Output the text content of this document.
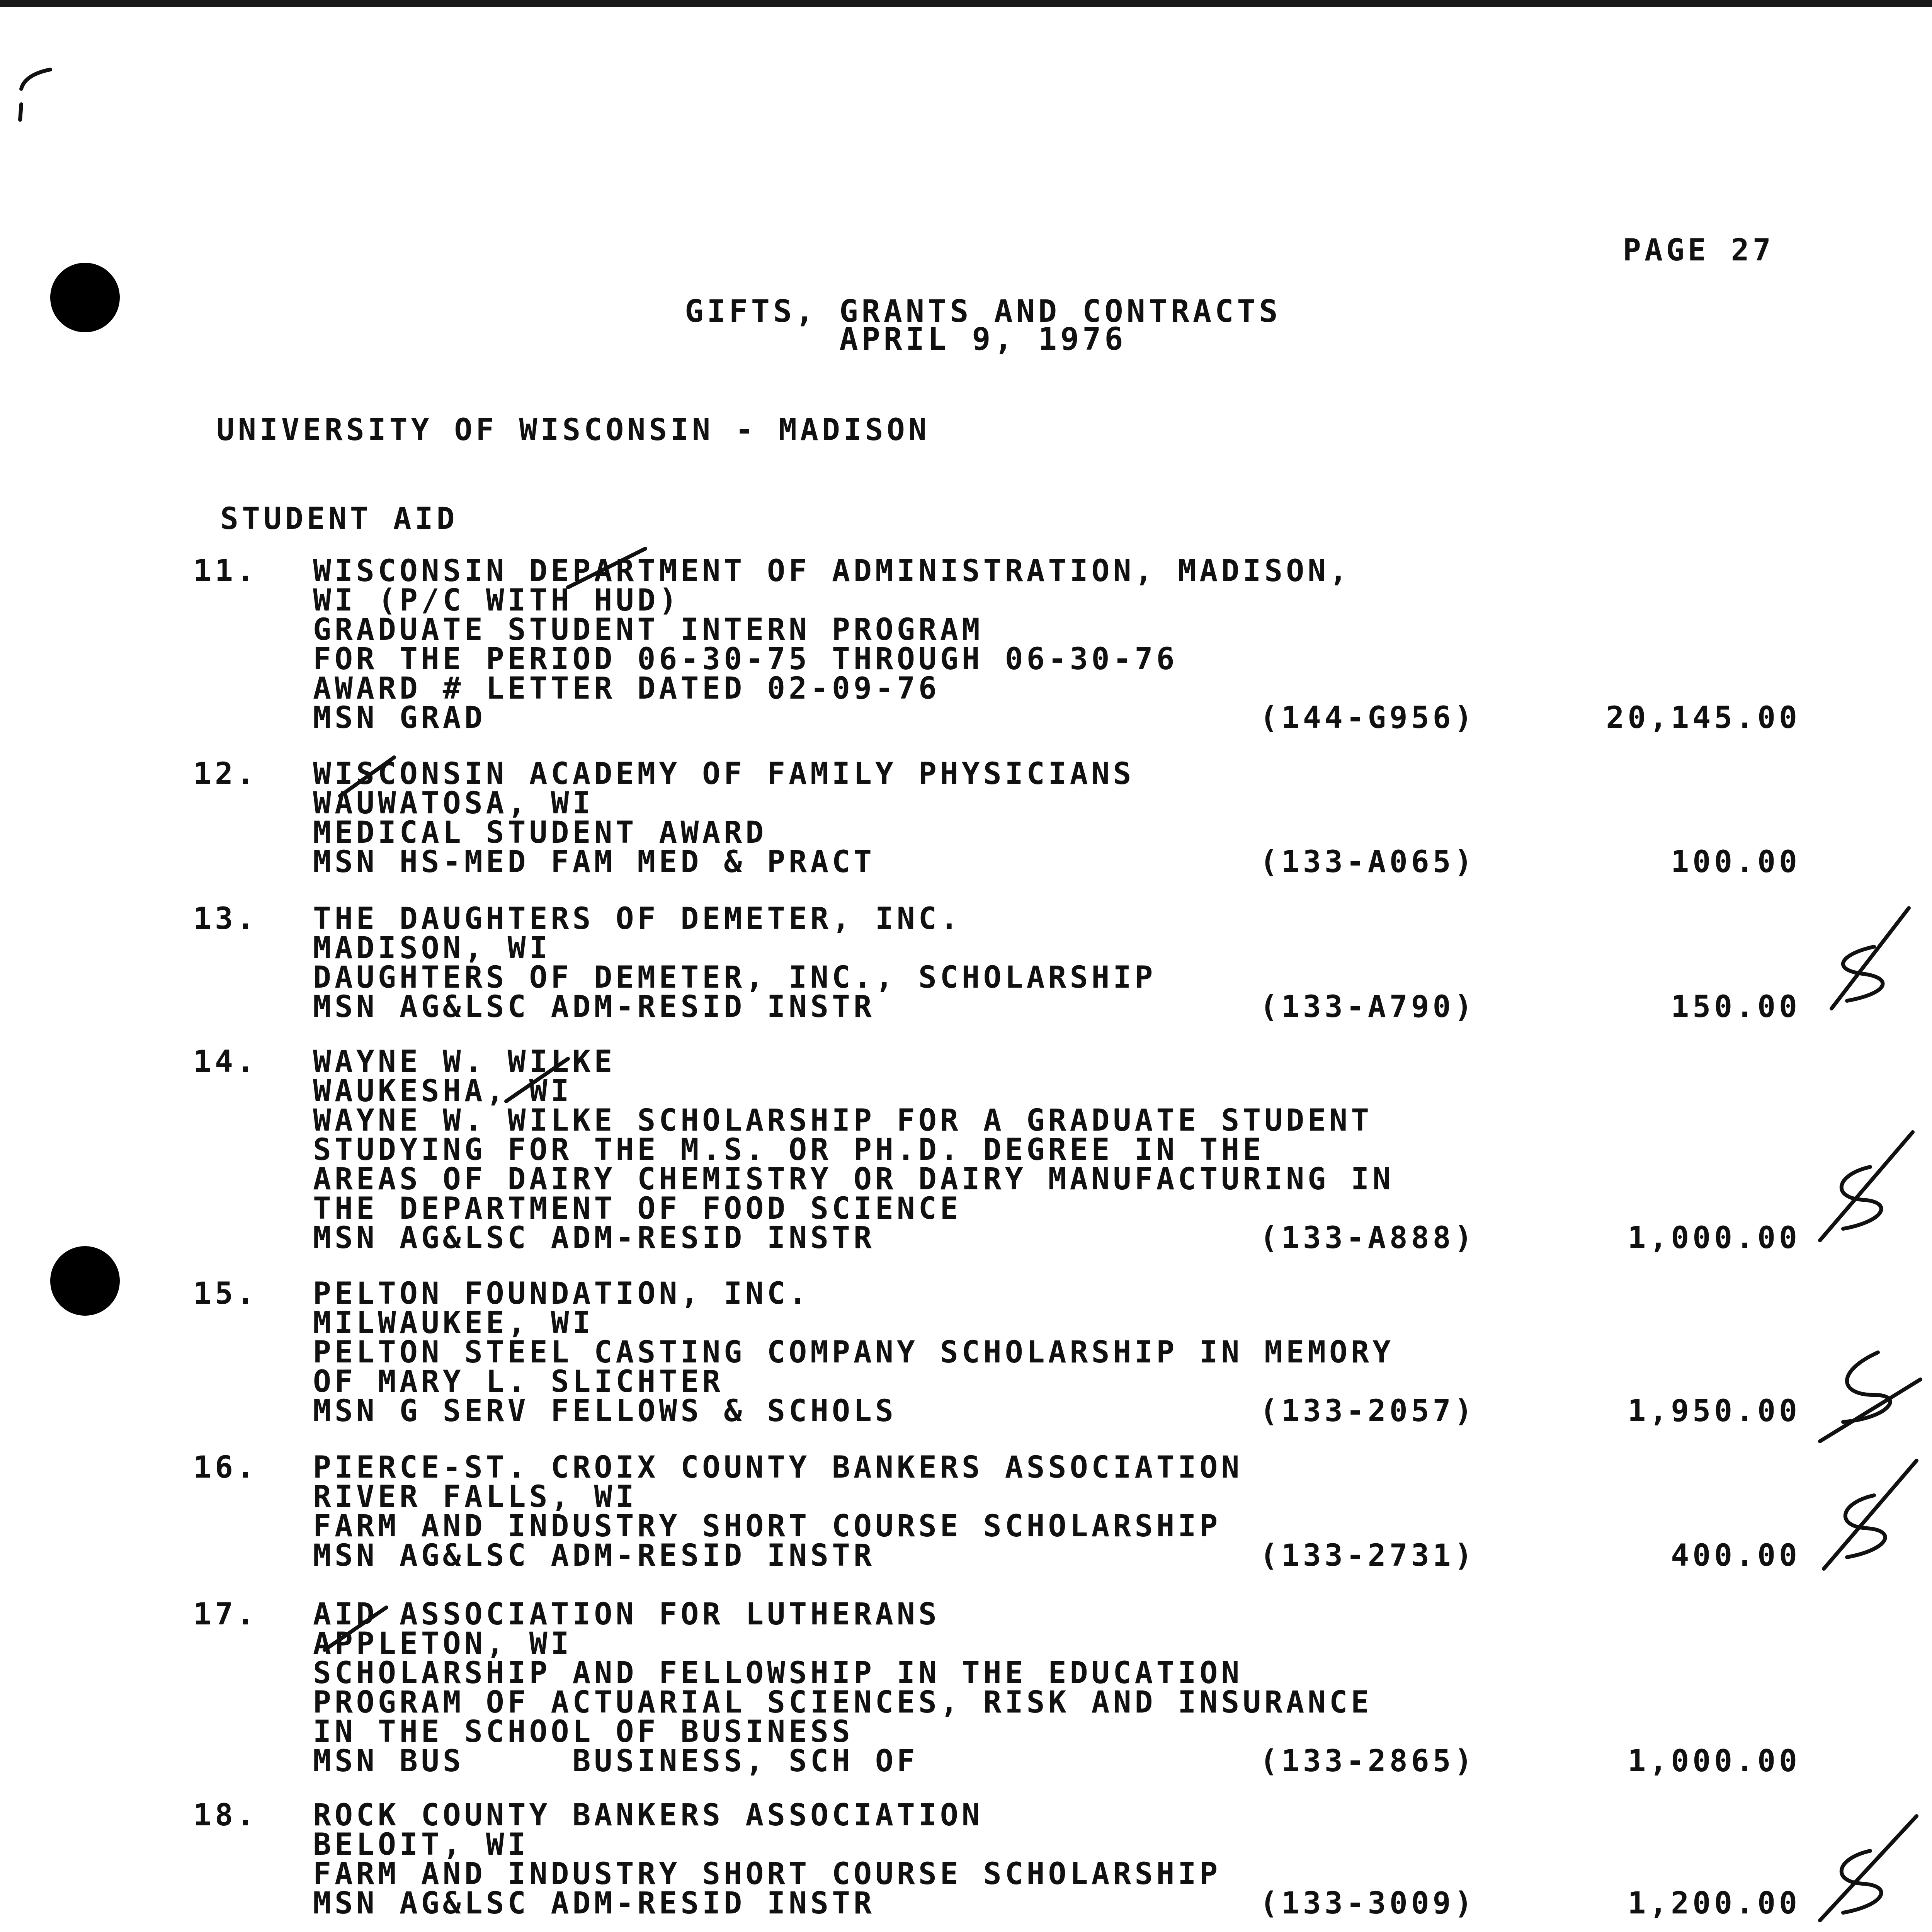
PAGE 27
GIFTS, GRANTS AND CONTRACTS
APRIL 9, 1976
UNIVERSITY OF WISCONSIN - MADISON
STUDENT AID
11. WISCONSIN DEPARTMENT OF ADMINISTRATION, MADISON,
WI (P/C WITH HUD)
GRADUATE STUDENT INTERN PROGRAM
FOR THE PERIOD 06-30-75 THROUGH 06-30-76
AWARD # LETTER DATED 02-09-76
MSN GRAD	(144-G956)	20,145.00
12. WISCONSIN ACADEMY OF FAMILY PHYSICIANS
WAUWATOSA, WI
MEDICAL STUDENT AWARD
MSN HS-MED FAM MED & PRACT	(133-A065)	100.00
13. THE DAUGHTERS OF DEMETER, INC.
MADISON, WI
DAUGHTERS OF DEMETER, INC., SCHOLARSHIP
MSN AG&LSC ADM-RESID INSTR	(133-A790)	150.00
14. WAYNE W. WILKE
WAUKESHA, WI
WAYNE W. WILKE SCHOLARSHIP FOR A GRADUATE STUDENT
STUDYING FOR THE M.S. OR PH.D. DEGREE IN THE
AREAS OF DAIRY CHEMISTRY OR DAIRY MANUFACTURING IN
THE DEPARTMENT OF FOOD SCIENCE
MSN AG&LSC ADM-RESID INSTR	(133-A888)	1,000.00
15. PELTON FOUNDATION, INC.
MILWAUKEE, WI
PELTON STEEL CASTING COMPANY SCHOLARSHIP IN MEMORY
OF MARY L. SLICHTER
MSN G SERV FELLOWS & SCHOLS	(133-2057)	1,950.00
16. PIERCE-ST. CROIX COUNTY BANKERS ASSOCIATION
RIVER FALLS, WI
FARM AND INDUSTRY SHORT COURSE SCHOLARSHIP
MSN AG&LSC ADM-RESID INSTR	(133-2731)	400.00
17. AID ASSOCIATION FOR LUTHERANS
APPLETON, WI
SCHOLARSHIP AND FELLOWSHIP IN THE EDUCATION
PROGRAM OF ACTUARIAL SCIENCES, RISK AND INSURANCE
IN THE SCHOOL OF BUSINESS
MSN BUS     BUSINESS, SCH OF	(133-2865)	1,000.00
18. ROCK COUNTY BANKERS ASSOCIATION
BELOIT, WI
FARM AND INDUSTRY SHORT COURSE SCHOLARSHIP
MSN AG&LSC ADM-RESID INSTR	(133-3009)	1,200.00
